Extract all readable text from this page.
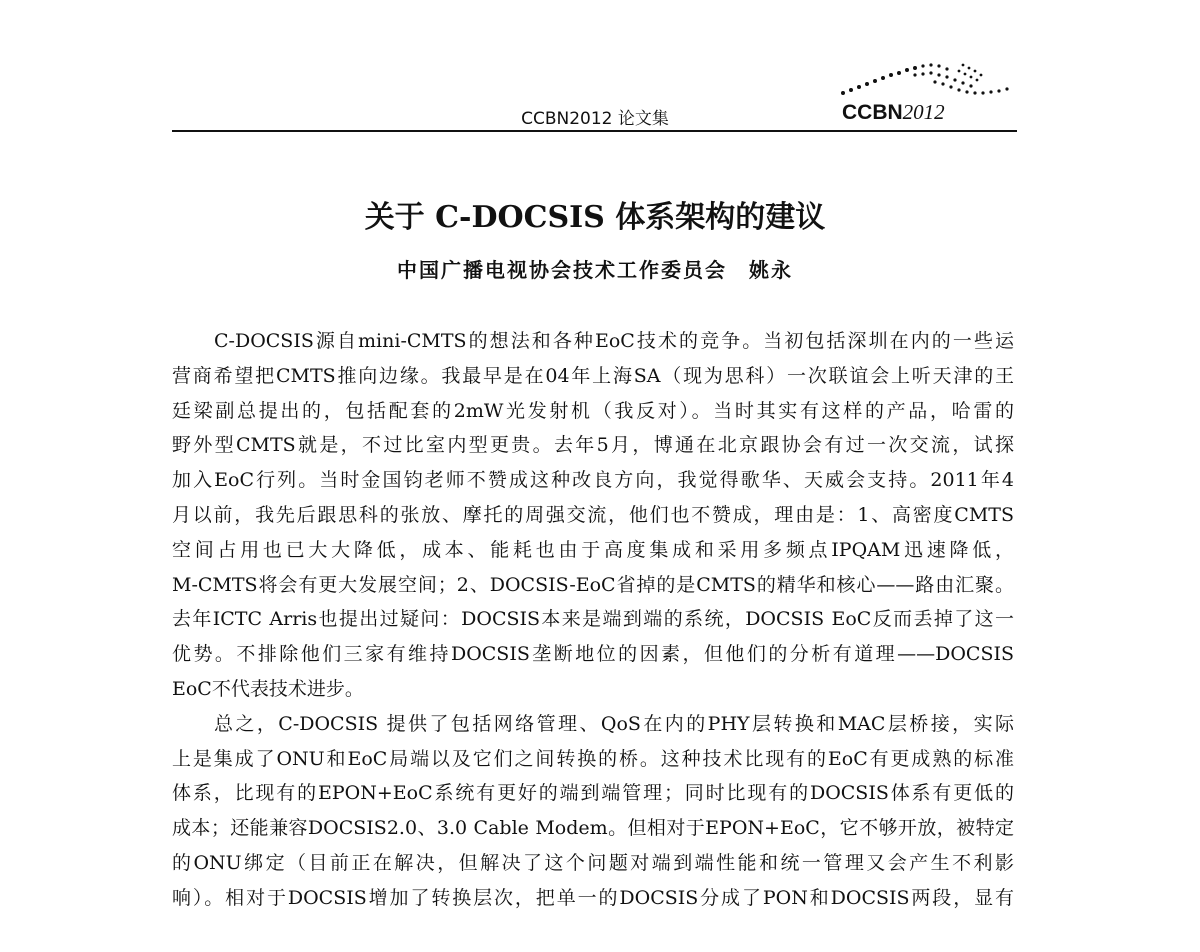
CCBN2012 论文集	CCBN2012
关于 C-DOCSIS 体系架构的建议
中国广播电视协会技术工作委员会　姚永
C-DOCSIS源自mini-CMTS的想法和各种EoC技术的竞争。当初包括深圳在内的一些运
营商希望把CMTS推向边缘。我最早是在04年上海SA（现为思科）一次联谊会上听天津的王
廷梁副总提出的，包括配套的2mW光发射机（我反对）。当时其实有这样的产品，哈雷的
野外型CMTS就是，不过比室内型更贵。去年5月，博通在北京跟协会有过一次交流，试探
加入EoC行列。当时金国钧老师不赞成这种改良方向，我觉得歌华、天威会支持。2011年4
月以前，我先后跟思科的张放、摩托的周强交流，他们也不赞成，理由是：1、高密度CMTS
空间占用也已大大降低，成本、能耗也由于高度集成和采用多频点IPQAM迅速降低，
M-CMTS将会有更大发展空间；2、DOCSIS-EoC省掉的是CMTS的精华和核心——路由汇聚。
去年ICTC Arris也提出过疑问：DOCSIS本来是端到端的系统，DOCSIS EoC反而丢掉了这一
优势。不排除他们三家有维持DOCSIS垄断地位的因素，但他们的分析有道理——DOCSIS
EoC不代表技术进步。
总之，C-DOCSIS 提供了包括网络管理、QoS在内的PHY层转换和MAC层桥接，实际
上是集成了ONU和EoC局端以及它们之间转换的桥。这种技术比现有的EoC有更成熟的标准
体系，比现有的EPON+EoC系统有更好的端到端管理；同时比现有的DOCSIS体系有更低的
成本；还能兼容DOCSIS2.0、3.0 Cable Modem。但相对于EPON+EoC，它不够开放，被特定
的ONU绑定（目前正在解决，但解决了这个问题对端到端性能和统一管理又会产生不利影
响）。相对于DOCSIS增加了转换层次，把单一的DOCSIS分成了PON和DOCSIS两段，显有
